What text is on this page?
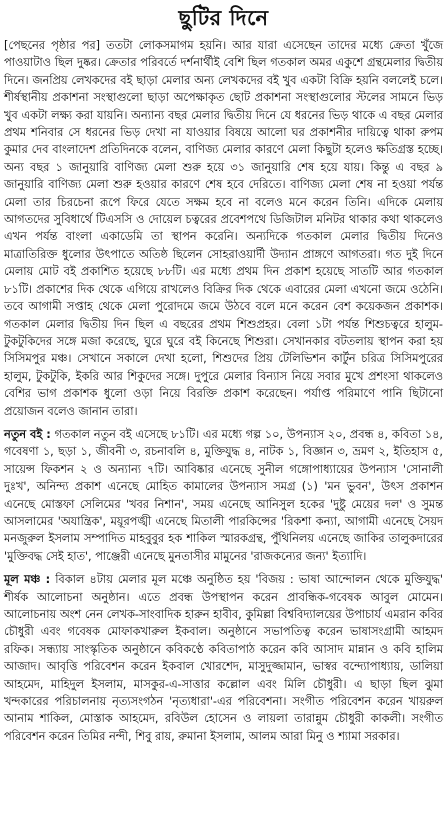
ছুটির দিনে

[পেছনের পৃষ্ঠার পর] ততটা লোকসমাগম হয়নি। আর যারা এসেছেন তাদের মধ্যে ক্রেতা খুঁজে পাওয়াটাও ছিল দুষ্কর। ক্রেতার পরিবর্তে দর্শনার্থীই বেশি ছিল গতকাল অমর একুশে গ্রন্থমেলার দ্বিতীয় দিনে। জনপ্রিয় লেখকদের বই ছাড়া মেলার অন্য লেখকদের বই খুব একটা বিক্রি হয়নি বললেই চলে। শীর্ষস্থানীয় প্রকাশনা সংস্থাগুলো ছাড়া অপেক্ষাকৃত ছোট প্রকাশনা সংস্থাগুলোর স্টলের সামনে ভিড় খুব একটা লক্ষ্য করা যায়নি। অন্যান্য বছর মেলার দ্বিতীয় দিনে যে ধরনের ভিড় থাকে এ বছর মেলার প্রথম শনিবার সে ধরনের ভিড় দেখা না যাওয়ার বিষয়ে আলো ঘর প্রকাশনীর দায়িত্বে থাকা রুপম কুমার দেব বাংলাদেশ প্রতিদিনকে বলেন, বাণিজ্য মেলার কারণে মেলা কিছুটা হলেও ক্ষতিগ্রস্ত হচ্ছে। অন্য বছর ১ জানুয়ারি বাণিজ্য মেলা শুরু হয়ে ৩১ জানুয়ারি শেষ হয়ে যায়। কিন্তু এ বছর ৯ জানুয়ারি বাণিজ্য মেলা শুরু হওয়ার কারণে শেষ হবে দেরিতে। বাণিজ্য মেলা শেষ না হওয়া পর্যন্ত মেলা তার চিরচেনা রূপে ফিরে যেতে সক্ষম হবে না বলেও মনে করেন তিনি। এদিকে মেলায় আগতদের সুবিধার্থে টিএসসি ও দোয়েল চত্বরের প্রবেশপথে ডিজিটাল মনিটর থাকার কথা থাকলেও এখন পর্যন্ত বাংলা একাডেমি তা স্থাপন করেনি। অন্যদিকে গতকাল মেলার দ্বিতীয় দিনেও মাত্রাতিরিক্ত ধুলোর উৎপাতে অতিষ্ঠ ছিলেন সোহরাওয়ার্দী উদ্যান প্রাঙ্গণে আগতরা। গত দুই দিনে মেলায় মোট বই প্রকাশিত হয়েছে ৮৮টি। এর মধ্যে প্রথম দিন প্রকাশ হয়েছে সাতটি আর গতকাল ৮১টি। প্রকাশের দিক থেকে এগিয়ে রাখলেও বিক্রির দিক থেকে এবারের মেলা এখনো জমে ওঠেনি। তবে আগামী সপ্তাহ থেকে মেলা পুরোদমে জমে উঠবে বলে মনে করেন বেশ কয়েকজন প্রকাশক। গতকাল মেলার দ্বিতীয় দিন ছিল এ বছরের প্রথম শিশুপ্রহর। বেলা ১টা পর্যন্ত শিশুচত্বরে হালুম-টুকটুকিদের সঙ্গে মজা করেছে, ঘুরে ঘুরে বই কিনেছে শিশুরা। সেখানকার বটতলায় স্থাপন করা হয় সিসিমপুর মঞ্চ। সেখানে সকালে দেখা হলো, শিশুদের প্রিয় টেলিভিশন কার্টুন চরিত্র সিসিমপুরের হালুম, টুকটুকি, ইকরি আর শিকুদের সঙ্গে। দুপুরে মেলার বিন্যাস নিয়ে সবার মুখে প্রশংসা থাকলেও বেশির ভাগ প্রকাশক ধুলো ওড়া নিয়ে বিরক্তি প্রকাশ করেছেন। পর্যাপ্ত পরিমাণে পানি ছিটানো প্রয়োজন বলেও জানান তারা।

নতুন বই : গতকাল নতুন বই এসেছে ৮১টি। এর মধ্যে গল্প ১০, উপন্যাস ২০, প্রবন্ধ ৪, কবিতা ১৪, গবেষণা ১, ছড়া ১, জীবনী ৩, রচনাবলি ৪, মুক্তিযুদ্ধ ৪, নাটক ১, বিজ্ঞান ৩, ভ্রমণ ২, ইতিহাস ৫, সায়েন্স ফিকশন ২ ও অন্যান্য ৭টি। আবিষ্কার এনেছে সুনীল গঙ্গোপাধ্যায়ের উপন্যাস 'সোনালী দুঃখ', অনিন্দ্য প্রকাশ এনেছে মোহিত কামালের উপন্যাস সমগ্র (১) 'মন ভুবন', উৎস প্রকাশন এনেছে মোস্তফা সেলিমের 'খবর নিশান', সময় এনেছে আনিসুল হকের 'দুষ্টু মেয়ের দল' ও সুমন্ত আসলামের 'অযান্ত্রিক', ময়ূরপঙ্খী এনেছে মিতালী পারকিন্সের 'রিকশা কন্যা, আগামী এনেছে সৈয়দ মনজুরুল ইসলাম সম্পাদিত মাহবুবুর হক শাকিল স্মারকগ্রন্থ, পুঁথিনিলয় এনেছে জাকির তালুকদারের 'মুক্তিবদ্ধ সেই হাত', পাঞ্জেরী এনেছে মুনতাসীর মামুনের 'রাজকন্যের জন্য' ইত্যাদি।

মূল মঞ্চ : বিকাল ৪টায় মেলার মূল মঞ্চে অনুষ্ঠিত হয় 'বিজয় : ভাষা আন্দোলন থেকে মুক্তিযুদ্ধ' শীর্ষক আলোচনা অনুষ্ঠান। এতে প্রবন্ধ উপস্থাপন করেন প্রাবন্ধিক-গবেষক আবুল মোমেন। আলোচনায় অংশ নেন লেখক-সাংবাদিক হারুন হাবীব, কুমিল্লা বিশ্ববিদ্যালয়ের উপাচার্য এমরান কবির চৌধুরী এবং গবেষক মোফাকখারুল ইকবাল। অনুষ্ঠানে সভাপতিত্ব করেন ভাষাসংগ্রামী আহমদ রফিক। সন্ধ্যায় সাংস্কৃতিক অনুষ্ঠানে কবিকণ্ঠে কবিতাপাঠ করেন কবি আসাদ মান্নান ও কবি হালিম আজাদ। আবৃত্তি পরিবেশন করেন ইকবাল খোরশেদ, মাসুদুজ্জামান, ভাস্বর বন্দ্যোপাধ্যায়, ডালিয়া আহমেদ, মাহিদুল ইসলাম, মাসকুর-এ-সাত্তার কল্লোল এবং মিলি চৌধুরী। এ ছাড়া ছিল ঝুমা খন্দকারের পরিচালনায় নৃত্যসংগঠন 'নৃত্যধারা'-এর পরিবেশনা। সংগীত পরিবেশন করেন খায়রুল আনাম শাকিল, মোস্তাক আহমেদ, রবিউল হোসেন ও লায়লা তারান্নুম চৌধুরী কাকলী। সংগীত পরিবেশন করেন তিমির নন্দী, শিবু রায়, রুমানা ইসলাম, আলম আরা মিনু ও শ্যামা সরকার।
